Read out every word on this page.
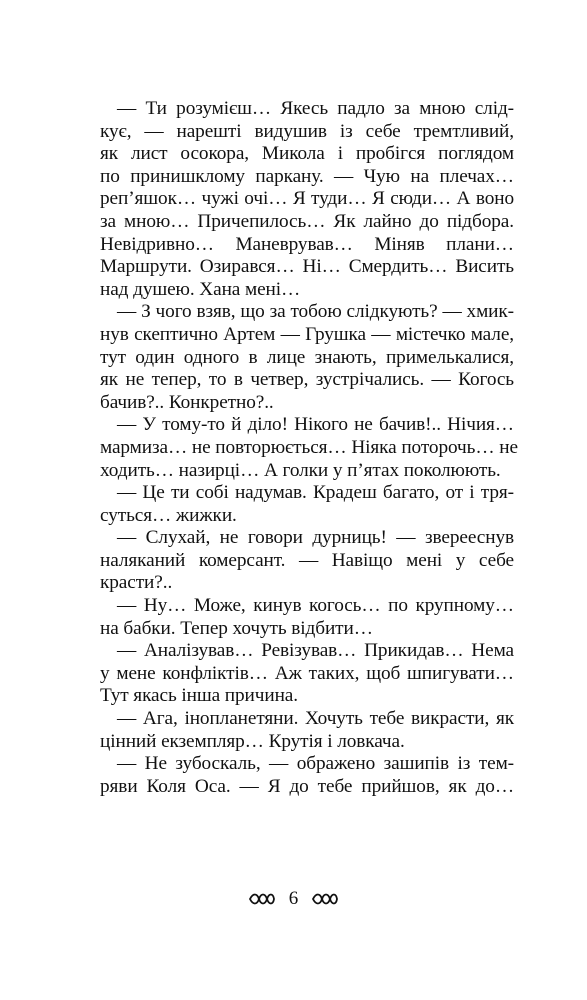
— Ти розумієш… Якесь падло за мною слід-
кує, — нарешті видушив із себе тремтливий,
як лист осокора, Микола і пробігся поглядом
по принишклому паркану. — Чую на плечах…
реп’яшок… чужі очі… Я туди… Я сюди… А воно
за мною… Причепилось… Як лайно до підбора.
Невідривно… Маневрував… Міняв плани…
Маршрути. Озирався… Ні… Смердить… Висить
над душею. Хана мені…
— З чого взяв, що за тобою слідкують? — хмик-
нув скептично Артем — Грушка — містечко мале,
тут один одного в лице знають, примелькалися,
як не тепер, то в четвер, зустрічались. — Когось
бачив?.. Конкретно?..
— У тому-то й діло! Нікого не бачив!.. Нічия…
мармиза… не повторюється… Ніяка поторочь… не
ходить… назирці… А голки у п’ятах поколюють.
— Це ти собі надумав. Крадеш багато, от і тря-
суться… жижки.
— Слухай, не говори дурниць! — зверееснув
наляканий комерсант. — Навіщо мені у себе
красти?..
— Ну… Може, кинув когось… по крупному…
на бабки. Тепер хочуть відбити…
— Аналізував… Ревізував… Прикидав… Нема
у мене конфліктів… Аж таких, щоб шпигувати…
Тут якась інша причина.
— Ага, інопланетяни. Хочуть тебе викрасти, як
цінний екземпляр… Крутія і ловкача.
— Не зубоскаль, — ображено зашипів із тем-
ряви Коля Оса. — Я до тебе прийшов, як до…
6
